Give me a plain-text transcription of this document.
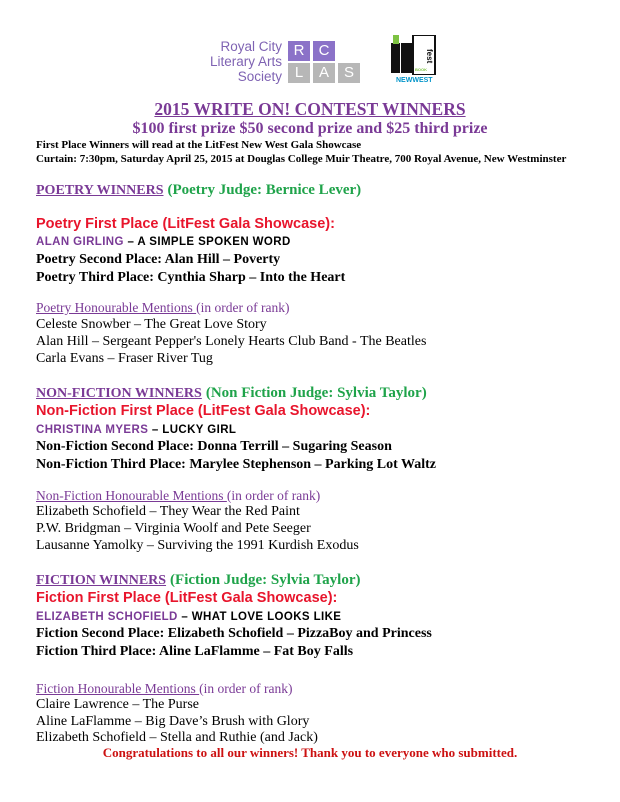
Royal City
Literary Arts
Society
R C
L	A S
fest
BOOK
NEWWEST
2015 WRITE ON! CONTEST WINNERS
$100 first prize $50 second prize and $25 third prize
First Place Winners will read at the LitFest New West Gala Showcase
Curtain: 7:30pm, Saturday April 25, 2015 at Douglas College Muir Theatre, 700 Royal Avenue, New Westminster
POETRY WINNERS (Poetry Judge: Bernice Lever)
Poetry First Place (LitFest Gala Showcase):
ALAN GIRLING – A SIMPLE SPOKEN WORD
Poetry Second Place: Alan Hill – Poverty
Poetry Third Place: Cynthia Sharp – Into the Heart
Poetry Honourable Mentions (in order of rank)
Celeste Snowber – The Great Love Story
Alan Hill – Sergeant Pepper's Lonely Hearts Club Band - The Beatles
Carla Evans – Fraser River Tug
NON-FICTION WINNERS (Non Fiction Judge: Sylvia Taylor)
Non-Fiction First Place (LitFest Gala Showcase):
CHRISTINA MYERS – LUCKY GIRL
Non-Fiction Second Place: Donna Terrill – Sugaring Season
Non-Fiction Third Place: Marylee Stephenson – Parking Lot Waltz
Non-Fiction Honourable Mentions (in order of rank)
Elizabeth Schofield – They Wear the Red Paint
P.W. Bridgman – Virginia Woolf and Pete Seeger
Lausanne Yamolky – Surviving the 1991 Kurdish Exodus
FICTION WINNERS (Fiction Judge: Sylvia Taylor)
Fiction First Place (LitFest Gala Showcase):
ELIZABETH SCHOFIELD – WHAT LOVE LOOKS LIKE
Fiction Second Place: Elizabeth Schofield – PizzaBoy and Princess
Fiction Third Place: Aline LaFlamme – Fat Boy Falls
Fiction Honourable Mentions (in order of rank)
Claire Lawrence – The Purse
Aline LaFlamme – Big Dave’s Brush with Glory
Elizabeth Schofield – Stella and Ruthie (and Jack)
Congratulations to all our winners! Thank you to everyone who submitted.
